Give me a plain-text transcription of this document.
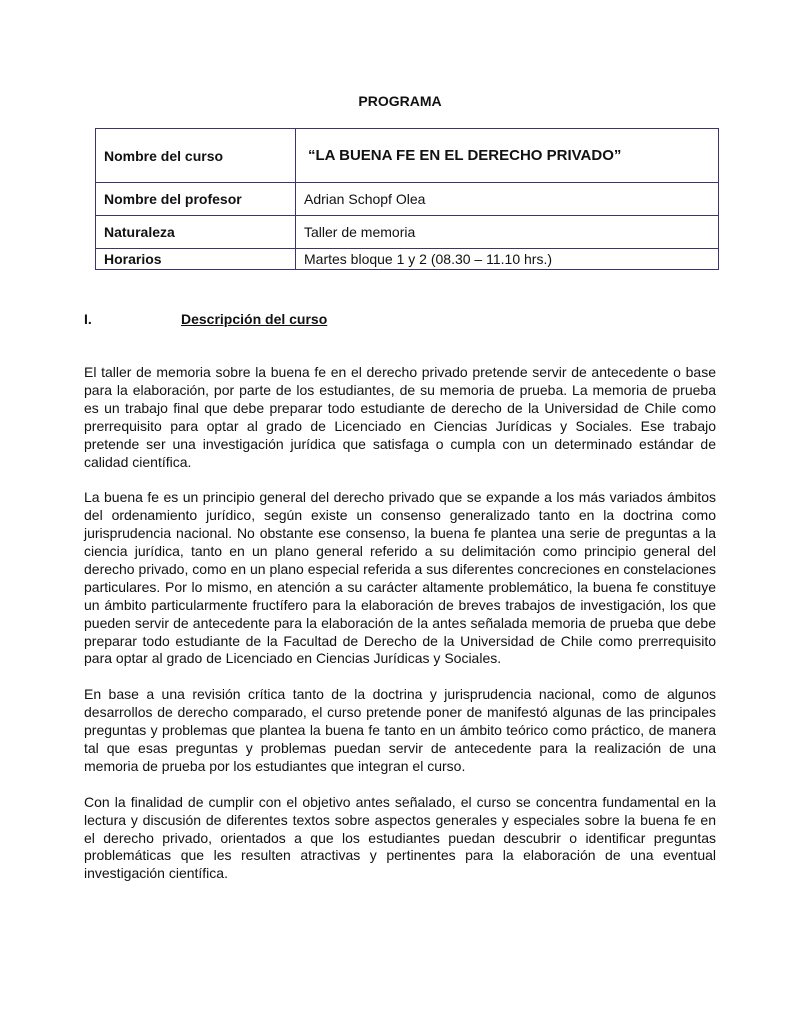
PROGRAMA
Nombre del curso	“LA BUENA FE EN EL DERECHO PRIVADO”
Nombre del profesor	Adrian Schopf Olea
Naturaleza	Taller de memoria
Horarios	Martes bloque 1 y 2 (08.30 – 11.10 hrs.)
I.	Descripción del curso

El taller de memoria sobre la buena fe en el derecho privado pretende servir de antecedente o base para la elaboración, por parte de los estudiantes, de su memoria de prueba. La memoria de prueba es un trabajo final que debe preparar todo estudiante de derecho de la Universidad de Chile como prerrequisito para optar al grado de Licenciado en Ciencias Jurídicas y Sociales. Ese trabajo pretende ser una investigación jurídica que satisfaga o cumpla con un determinado estándar de calidad científica.

La buena fe es un principio general del derecho privado que se expande a los más variados ámbitos del ordenamiento jurídico, según existe un consenso generalizado tanto en la doctrina como jurisprudencia nacional. No obstante ese consenso, la buena fe plantea una serie de preguntas a la ciencia jurídica, tanto en un plano general referido a su delimitación como principio general del derecho privado, como en un plano especial referida a sus diferentes concreciones en constelaciones particulares. Por lo mismo, en atención a su carácter altamente problemático, la buena fe constituye un ámbito particularmente fructífero para la elaboración de breves trabajos de investigación, los que pueden servir de antecedente para la elaboración de la antes señalada memoria de prueba que debe preparar todo estudiante de la Facultad de Derecho de la Universidad de Chile como prerrequisito para optar al grado de Licenciado en Ciencias Jurídicas y Sociales.

En base a una revisión crítica tanto de la doctrina y jurisprudencia nacional, como de algunos desarrollos de derecho comparado, el curso pretende poner de manifestó algunas de las principales preguntas y problemas que plantea la buena fe tanto en un ámbito teórico como práctico, de manera tal que esas preguntas y problemas puedan servir de antecedente para la realización de una memoria de prueba por los estudiantes que integran el curso.

Con la finalidad de cumplir con el objetivo antes señalado, el curso se concentra fundamental en la lectura y discusión de diferentes textos sobre aspectos generales y especiales sobre la buena fe en el derecho privado, orientados a que los estudiantes puedan descubrir o identificar preguntas problemáticas que les resulten atractivas y pertinentes para la elaboración de una eventual investigación científica.
